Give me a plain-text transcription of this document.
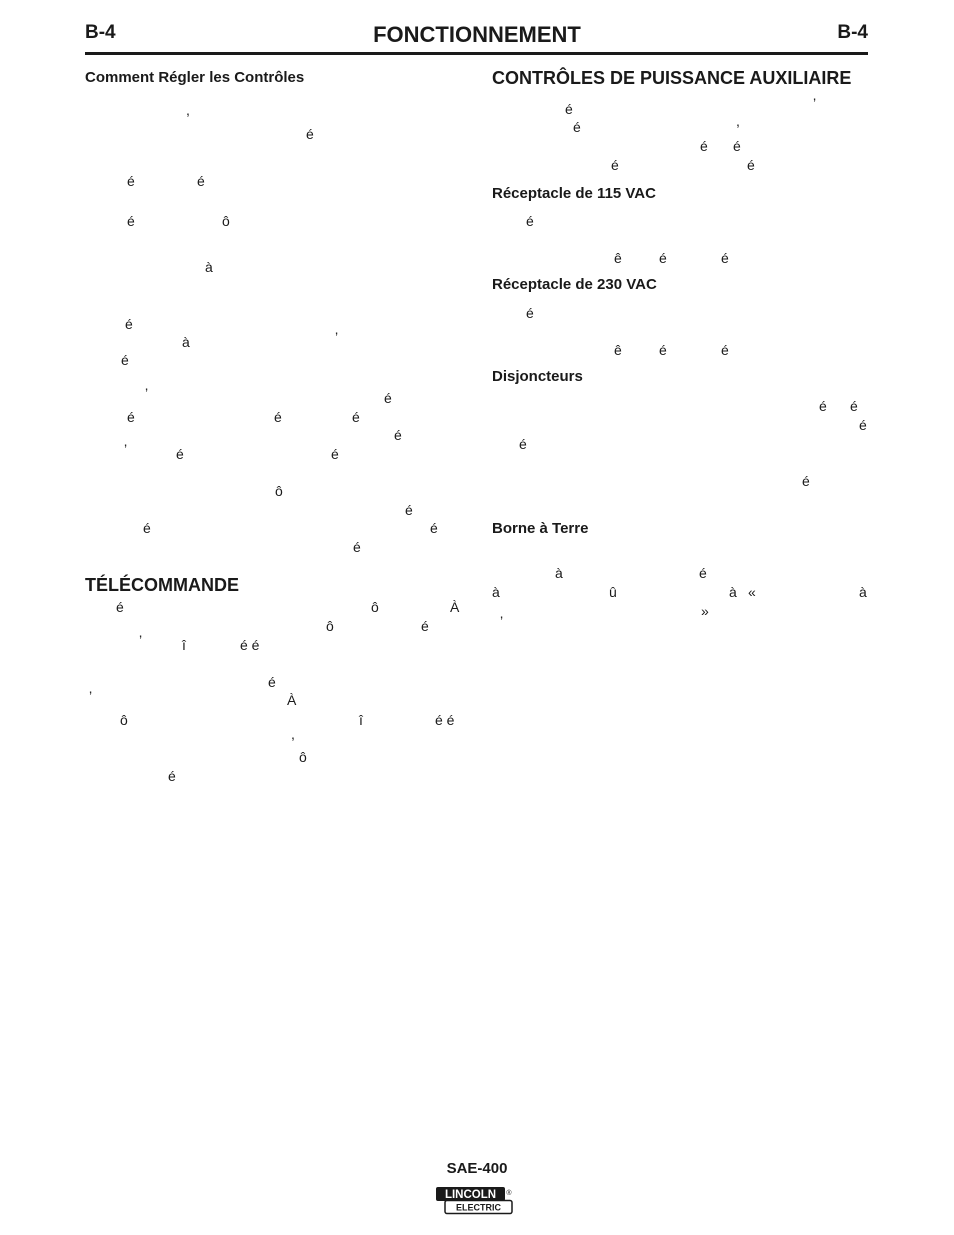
B-4	FONCTIONNEMENT	B-4
Comment Régler les Contrôles
TÉLÉCOMMANDE
,
é
é	é
é	ô
à
é
à	’
é
’	é
é	é	é
é
’	é	é
ô
é
é	é
é
é	ô	À
ô	é
’	î	é é
é
’	À
ô	î	é é
,
ô
é
CONTRÔLES DE PUISSANCE AUXILIAIRE
Réceptacle de 115 VAC
Réceptacle de 230 VAC
Disjoncteurs
Borne à Terre
é	’
é	,
é é
é	é
é
ê	é	é
é
ê	é	é
é é
é
é
é
à	é
à	û	à «	à
»
’
SAE-400
LINCOLN ®
ELECTRIC
